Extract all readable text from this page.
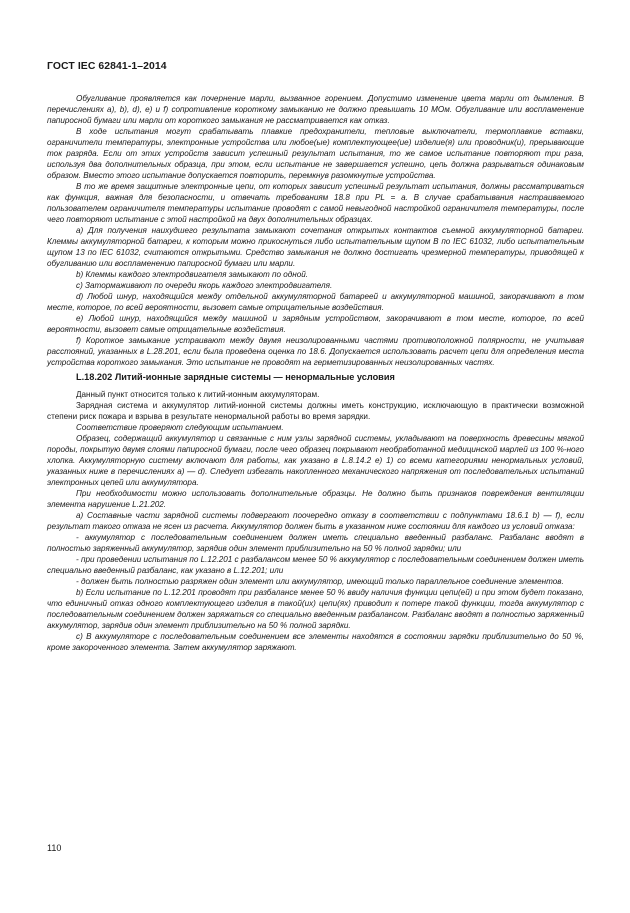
ГОСТ IEC 62841-1–2014

Обугливание проявляется как почернение марли, вызванное горением. Допустимо изменение цвета марли от дымления. В перечислениях a), b), d), e) и f) сопротивление короткому замыканию не должно превышать 10 МОм. Обугливание или воспламенение папиросной бумаги или марли от короткого замыкания не рассматривается как отказ.

В ходе испытания могут срабатывать плавкие предохранители, тепловые выключатели, термоплавкие вставки, ограничители температуры, электронные устройства или любое(ые) комплектующее(ие) изделие(я) или проводник(и), прерывающие ток разряда. Если от этих устройств зависит успешный результат испытания, то же самое испытание повторяют три раза, используя два дополнительных образца, при этом, если испытание не завершается успешно, цепь должна разрываться одинаковым образом. Вместо этого испытание допускается повторить, перемкнув разомкнутые устройства.

В то же время защитные электронные цепи, от которых зависит успешный результат испытания, должны рассматриваться как функция, важная для безопасности, и отвечать требованиям 18.8 при PL = a. В случае срабатывания настраиваемого пользователем ограничителя температуры испытание проводят с самой невыгодной настройкой ограничителя температуры, после чего повторяют испытание с этой настройкой на двух дополнительных образцах.

a) Для получения наихудшего результата замыкают сочетания открытых контактов съемной аккумуляторной батареи. Клеммы аккумуляторной батареи, к которым можно прикоснуться либо испытательным щупом B по IEC 61032, либо испытательным щупом 13 по IEC 61032, считаются открытыми. Средство замыкания не должно достигать чрезмерной температуры, приводящей к обугливанию или воспламенению папиросной бумаги или марли.

b) Клеммы каждого электродвигателя замыкают по одной.

c) Затормаживают по очереди якорь каждого электродвигателя.

d) Любой шнур, находящийся между отдельной аккумуляторной батареей и аккумуляторной машиной, закорачивают в том месте, которое, по всей вероятности, вызовет самые отрицательные воздействия.

e) Любой шнур, находящийся между машиной и зарядным устройством, закорачивают в том месте, которое, по всей вероятности, вызовет самые отрицательные воздействия.

f) Короткое замыкание устраивают между двумя неизолированными частями противоположной полярности, не учитывая расстояний, указанных в L.28.201, если была проведена оценка по 18.6. Допускается использовать расчет цепи для определения места устройства короткого замыкания. Это испытание не проводят на герметизированных неизолированных частях.

L.18.202 Литий-ионные зарядные системы — ненормальные условия

Данный пункт относится только к литий-ионным аккумуляторам.

Зарядная система и аккумулятор литий-ионной системы должны иметь конструкцию, исключающую в практически возможной степени риск пожара и взрыва в результате ненормальной работы во время зарядки.

Соответствие проверяют следующим испытанием.

Образец, содержащий аккумулятор и связанные с ним узлы зарядной системы, укладывают на поверхность древесины мягкой породы, покрытую двумя слоями папиросной бумаги, после чего образец покрывают необработанной медицинской марлей из 100 %-ного хлопка. Аккумуляторную систему включают для работы, как указано в L.8.14.2 e) 1) со всеми категориями ненормальных условий, указанных ниже в перечислениях a) — d). Следует избегать накопленного механического напряжения от последовательных испытаний электронных цепей или аккумулятора.

При необходимости можно использовать дополнительные образцы. Не должно быть признаков повреждения вентиляции элемента нарушение L.21.202.

a) Составные части зарядной системы подвергают поочередно отказу в соответствии с подпунктами 18.6.1 b) — f), если результат такого отказа не ясен из расчета. Аккумулятор должен быть в указанном ниже состоянии для каждого из условий отказа:

- аккумулятор с последовательным соединением должен иметь специально введенный разбаланс. Разбаланс вводят в полностью заряженный аккумулятор, зарядив один элемент приблизительно на 50 % полной зарядки; или

- при проведении испытания по L.12.201 с разбалансом менее 50 % аккумулятор с последовательным соединением должен иметь специально введенный разбаланс, как указано в L.12.201; или

- должен быть полностью разряжен один элемент или аккумулятор, имеющий только параллельное соединение элементов.

b) Если испытание по L.12.201 проводят при разбалансе менее 50 % ввиду наличия функции цепи(ей) и при этом будет показано, что единичный отказ одного комплектующего изделия в такой(их) цепи(ях) приводит к потере такой функции, тогда аккумулятор с последовательным соединением должен заряжаться со специально введенным разбалансом. Разбаланс вводят в полностью заряженный аккумулятор, зарядив один элемент приблизительно на 50 % полной зарядки.

c) В аккумуляторе с последовательным соединением все элементы находятся в состоянии зарядки приблизительно до 50 %, кроме закороченного элемента. Затем аккумулятор заряжают.

110
